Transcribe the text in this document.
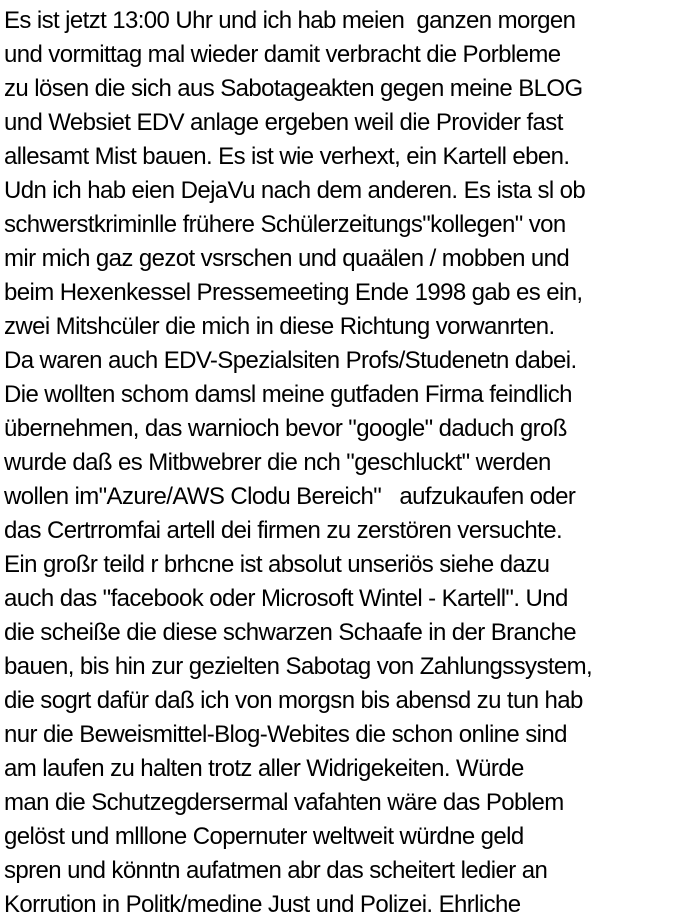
Es ist jetzt 13:00 Uhr und ich hab meien  ganzen morgen
und vormittag mal wieder damit verbracht die Porbleme
zu lösen die sich aus Sabotageakten gegen meine BLOG
und Websiet EDV anlage ergeben weil die Provider fast
allesamt Mist bauen. Es ist wie verhext, ein Kartell eben.
Udn ich hab eien DejaVu nach dem anderen. Es ista sl ob
schwerstkriminlle frühere Schülerzeitungs"kollegen" von
mir mich gaz gezot vsrschen und quaälen / mobben und
beim Hexenkessel Pressemeeting Ende 1998 gab es ein,
zwei Mitshcüler die mich in diese Richtung vorwanrten.
Da waren auch EDV-Spezialsiten Profs/Studenetn dabei.
Die wollten schom damsl meine gutfaden Firma feindlich
übernehmen, das warnioch bevor "google" daduch groß
wurde daß es Mitbwebrer die nch "geschluckt" werden
wollen im"Azure/AWS Clodu Bereich"   aufzukaufen oder
das Certrromfai artell dei firmen zu zerstören versuchte.
Ein großr teild r brhcne ist absolut unseriös siehe dazu
auch das "facebook oder Microsoft Wintel - Kartell". Und
die scheiße die diese schwarzen Schaafe in der Branche
bauen, bis hin zur gezielten Sabotag von Zahlungssystem,
die sogrt dafür daß ich von morgsn bis abensd zu tun hab
nur die Beweismittel-Blog-Webites die schon online sind
am laufen zu halten trotz aller Widrigekeiten. Würde
man die Schutzegdersermal vafahten wäre das Poblem
gelöst und mlllone Copernuter weltweit würdne geld
spren und könntn aufatmen abr das scheitert ledier an
Korrution in Politk/medine Just und Polizei. Ehrliche
